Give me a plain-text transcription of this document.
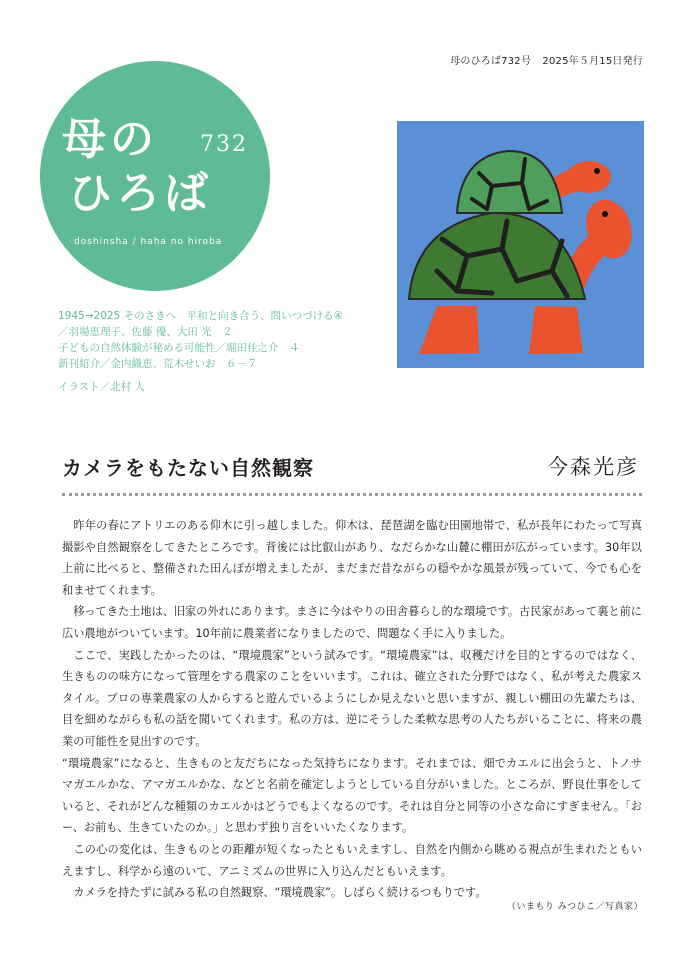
母のひろば732号 2025年５月15日発行
母の
ひろば
732
doshinsha / haha no hiroba
1945→2025 そのさきへ　平和と向き合う、問いつづける④
／羽場恵理子、佐藤 優、大田 光　２
子どもの自然体験が秘める可能性／堀田佳之介　４
新刊紹介／金内織恵、荒木せいお　６－７
イラスト／北村 人
カメラをもたない自然観察	今森光彦

　昨年の春にアトリエのある仰木に引っ越しました。仰木は、琵琶湖を臨む田園地帯で、私が長年にわたって写真撮影や自然観察をしてきたところです。背後には比叡山があり、なだらかな山麓に棚田が広がっています。30年以上前に比べると、整備された田んぼが増えましたが、まだまだ昔ながらの穏やかな風景が残っていて、今でも心を和ませてくれます。

　移ってきた土地は、旧家の外れにあります。まさに今はやりの田舎暮らし的な環境です。古民家があって裏と前に広い農地がついています。10年前に農業者になりましたので、問題なく手に入りました。

　ここで、実践したかったのは、“環境農家”という試みです。“環境農家”は、収穫だけを目的とするのではなく、生きものの味方になって管理をする農家のことをいいます。これは、確立された分野ではなく、私が考えた農家スタイル。プロの専業農家の人からすると遊んでいるようにしか見えないと思いますが、親しい棚田の先輩たちは、目を細めながらも私の話を聞いてくれます。私の方は、逆にそうした柔軟な思考の人たちがいることに、将来の農業の可能性を見出すのです。

“環境農家”になると、生きものと友だちになった気持ちになります。それまでは、畑でカエルに出会うと、トノサマガエルかな、アマガエルかな、などと名前を確定しようとしている自分がいました。ところが、野良仕事をしていると、それがどんな種類のカエルかはどうでもよくなるのです。それは自分と同等の小さな命にすぎません。「おー、お前も、生きていたのか。」と思わず独り言をいいたくなります。

　この心の変化は、生きものとの距離が短くなったともいえますし、自然を内側から眺める視点が生まれたともいえますし、科学から遠のいて、アニミズムの世界に入り込んだともいえます。

　カメラを持たずに試みる私の自然観察、“環境農家”。しばらく続けるつもりです。

（いまもり みつひこ／写真家）
